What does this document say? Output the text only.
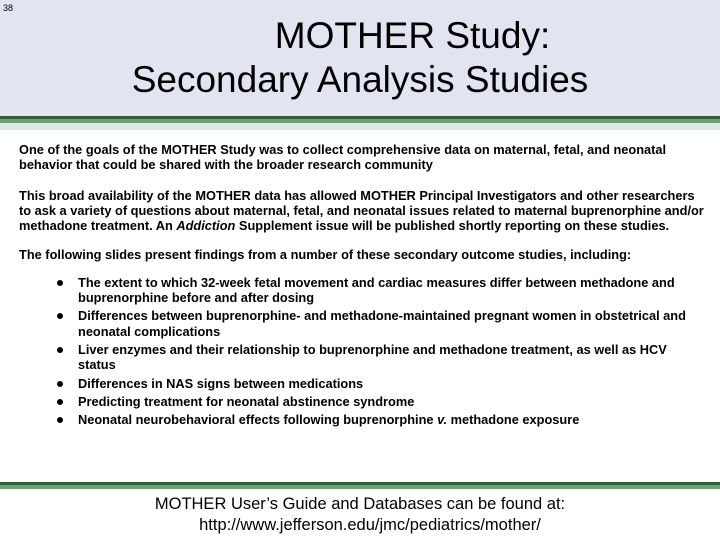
38
MOTHER Study:
Secondary Analysis Studies

One of the goals of the MOTHER Study was to collect comprehensive data on maternal, fetal, and neonatal behavior that could be shared with the broader research community

This broad availability of the MOTHER data has allowed MOTHER Principal Investigators and other researchers to ask a variety of questions about maternal, fetal, and neonatal issues related to maternal buprenorphine and/or methadone treatment. An Addiction Supplement issue will be published shortly reporting on these studies.

The following slides present findings from a number of these secondary outcome studies, including:

The extent to which 32-week fetal movement and cardiac measures differ between methadone and buprenorphine before and after dosing
Differences between buprenorphine- and methadone-maintained pregnant women in obstetrical and neonatal complications
Liver enzymes and their relationship to buprenorphine and methadone treatment, as well as HCV status
Differences in NAS signs between medications
Predicting treatment for neonatal abstinence syndrome
Neonatal neurobehavioral effects following buprenorphine v. methadone exposure
MOTHER User’s Guide and Databases can be found at:
http://www.jefferson.edu/jmc/pediatrics/mother/
